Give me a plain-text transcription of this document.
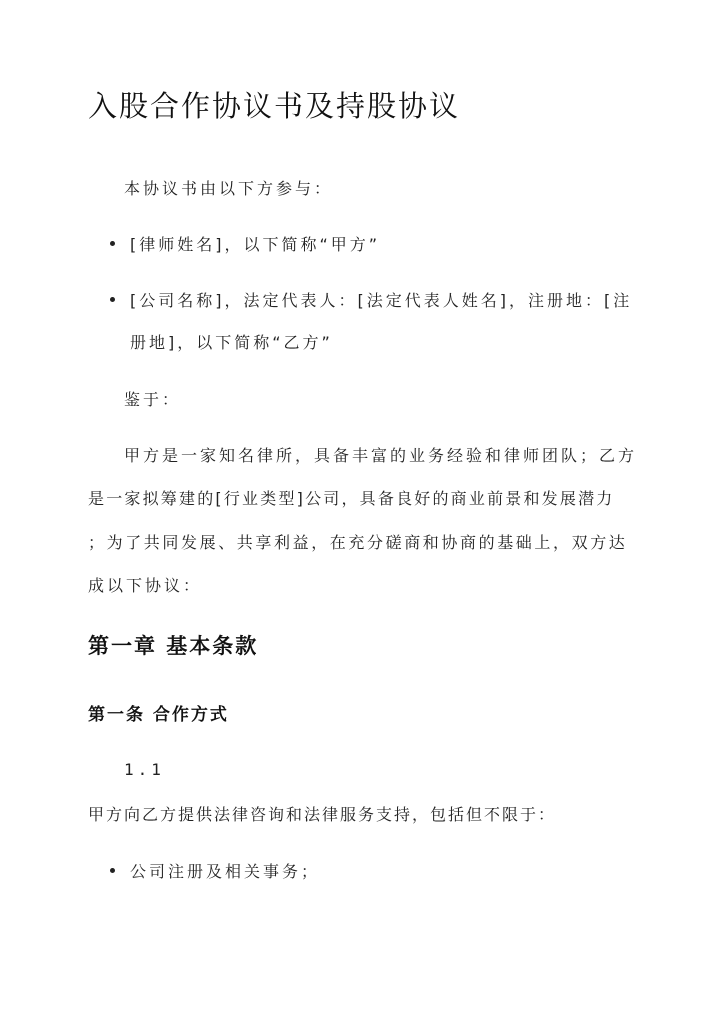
入股合作协议书及持股协议
本协议书由以下方参与：
[律师姓名]，以下简称“甲方”
[公司名称]，法定代表人：[法定代表人姓名]，注册地：[注
册地]，以下简称“乙方”
鉴于：
甲方是一家知名律所，具备丰富的业务经验和律师团队；乙方
是一家拟筹建的[行业类型]公司，具备良好的商业前景和发展潜力
；为了共同发展、共享利益，在充分磋商和协商的基础上，双方达
成以下协议：
第一章 基本条款
第一条 合作方式
1.1
甲方向乙方提供法律咨询和法律服务支持，包括但不限于：
公司注册及相关事务；
